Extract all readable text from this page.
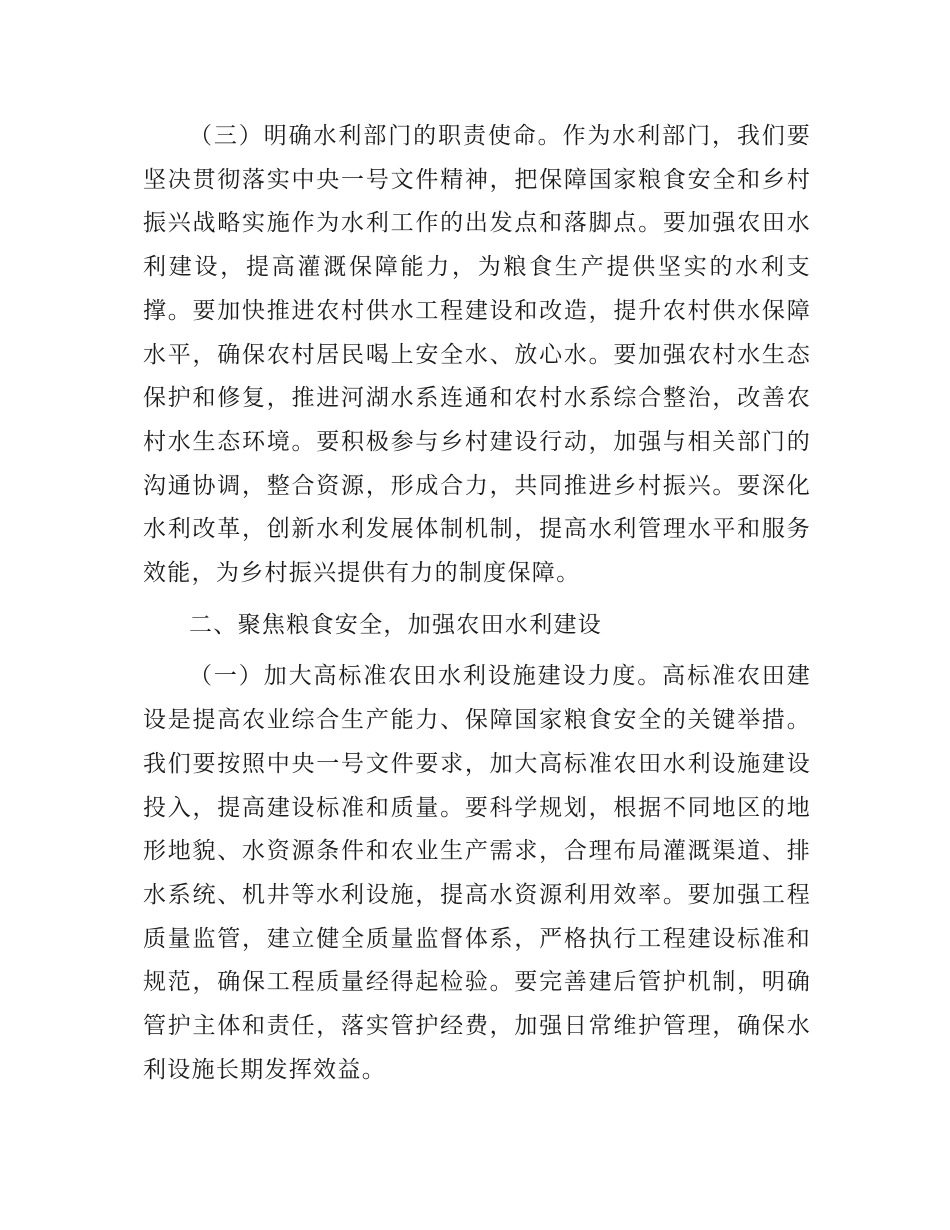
（三）明确水利部门的职责使命。作为水利部门，我们要坚决贯彻落实中央一号文件精神，把保障国家粮食安全和乡村振兴战略实施作为水利工作的出发点和落脚点。要加强农田水利建设，提高灌溉保障能力，为粮食生产提供坚实的水利支撑。要加快推进农村供水工程建设和改造，提升农村供水保障水平，确保农村居民喝上安全水、放心水。要加强农村水生态保护和修复，推进河湖水系连通和农村水系综合整治，改善农村水生态环境。要积极参与乡村建设行动，加强与相关部门的沟通协调，整合资源，形成合力，共同推进乡村振兴。要深化水利改革，创新水利发展体制机制，提高水利管理水平和服务效能，为乡村振兴提供有力的制度保障。

二、聚焦粮食安全，加强农田水利建设

（一）加大高标准农田水利设施建设力度。高标准农田建设是提高农业综合生产能力、保障国家粮食安全的关键举措。我们要按照中央一号文件要求，加大高标准农田水利设施建设投入，提高建设标准和质量。要科学规划，根据不同地区的地形地貌、水资源条件和农业生产需求，合理布局灌溉渠道、排水系统、机井等水利设施，提高水资源利用效率。要加强工程质量监管，建立健全质量监督体系，严格执行工程建设标准和规范，确保工程质量经得起检验。要完善建后管护机制，明确管护主体和责任，落实管护经费，加强日常维护管理，确保水利设施长期发挥效益。
